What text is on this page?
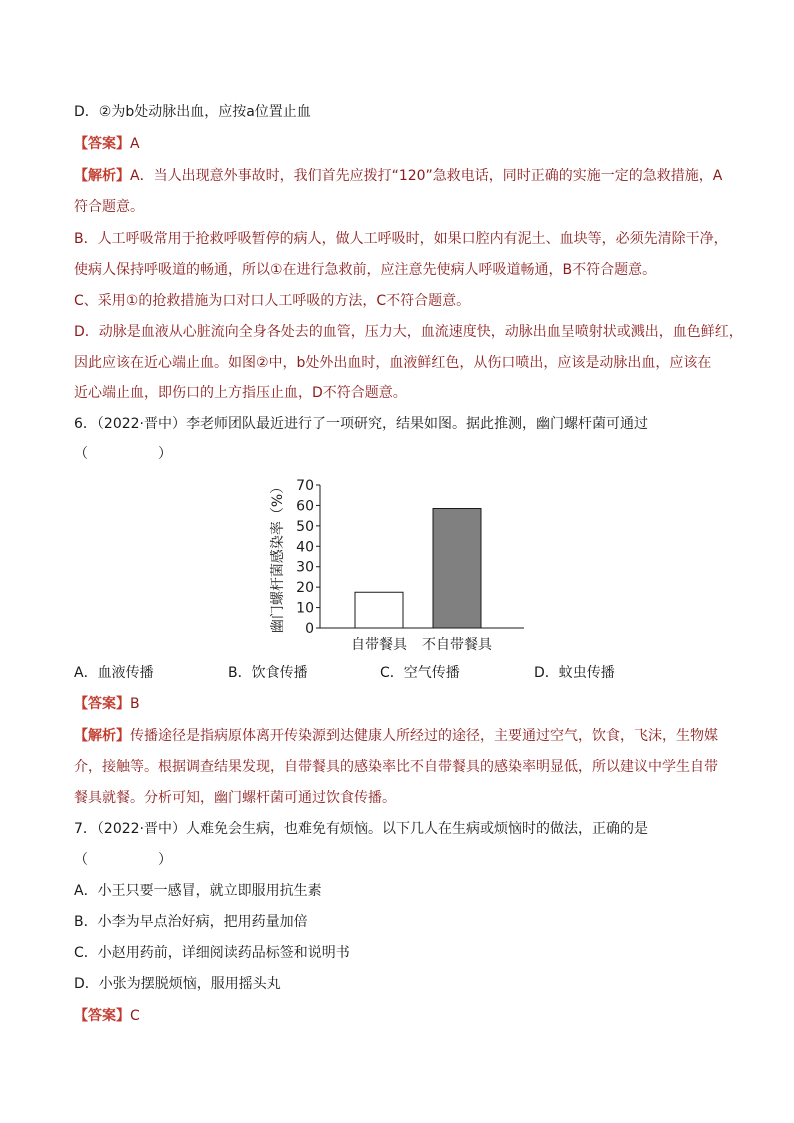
D．②为b处动脉出血，应按a位置止血
【答案】A
【解析】A．当人出现意外事故时，我们首先应拨打“120”急救电话，同时正确的实施一定的急救措施，A
符合题意。
B．人工呼吸常用于抢救呼吸暂停的病人，做人工呼吸时，如果口腔内有泥土、血块等，必须先清除干净，
使病人保持呼吸道的畅通，所以①在进行急救前，应注意先使病人呼吸道畅通，B不符合题意。
C、采用①的抢救措施为口对口人工呼吸的方法，C不符合题意。
D．动脉是血液从心脏流向全身各处去的血管，压力大，血流速度快，动脉出血呈喷射状或溅出，血色鲜红，
因此应该在近心端止血。如图②中，b处外出血时，血液鲜红色，从伤口喷出，应该是动脉出血，应该在
近心端止血，即伤口的上方指压止血，D不符合题意。
6．（2022·晋中）李老师团队最近进行了一项研究，结果如图。据此推测，幽门螺杆菌可通过
（　　　　　）
幽门螺杆菌感染率（%） 0
10
20
30
40
50
60
70
自带餐具 不自带餐具
A．血液传播	B．饮食传播	C．空气传播	D．蚊虫传播
【答案】B
【解析】传播途径是指病原体离开传染源到达健康人所经过的途径，主要通过空气，饮食，飞沫，生物媒
介，接触等。根据调查结果发现，自带餐具的感染率比不自带餐具的感染率明显低，所以建议中学生自带
餐具就餐。分析可知，幽门螺杆菌可通过饮食传播。
7．（2022·晋中）人难免会生病，也难免有烦恼。以下几人在生病或烦恼时的做法，正确的是
（　　　　　）
A．小王只要一感冒，就立即服用抗生素
B．小李为早点治好病，把用药量加倍
C．小赵用药前，详细阅读药品标签和说明书
D．小张为摆脱烦恼，服用摇头丸
【答案】C
